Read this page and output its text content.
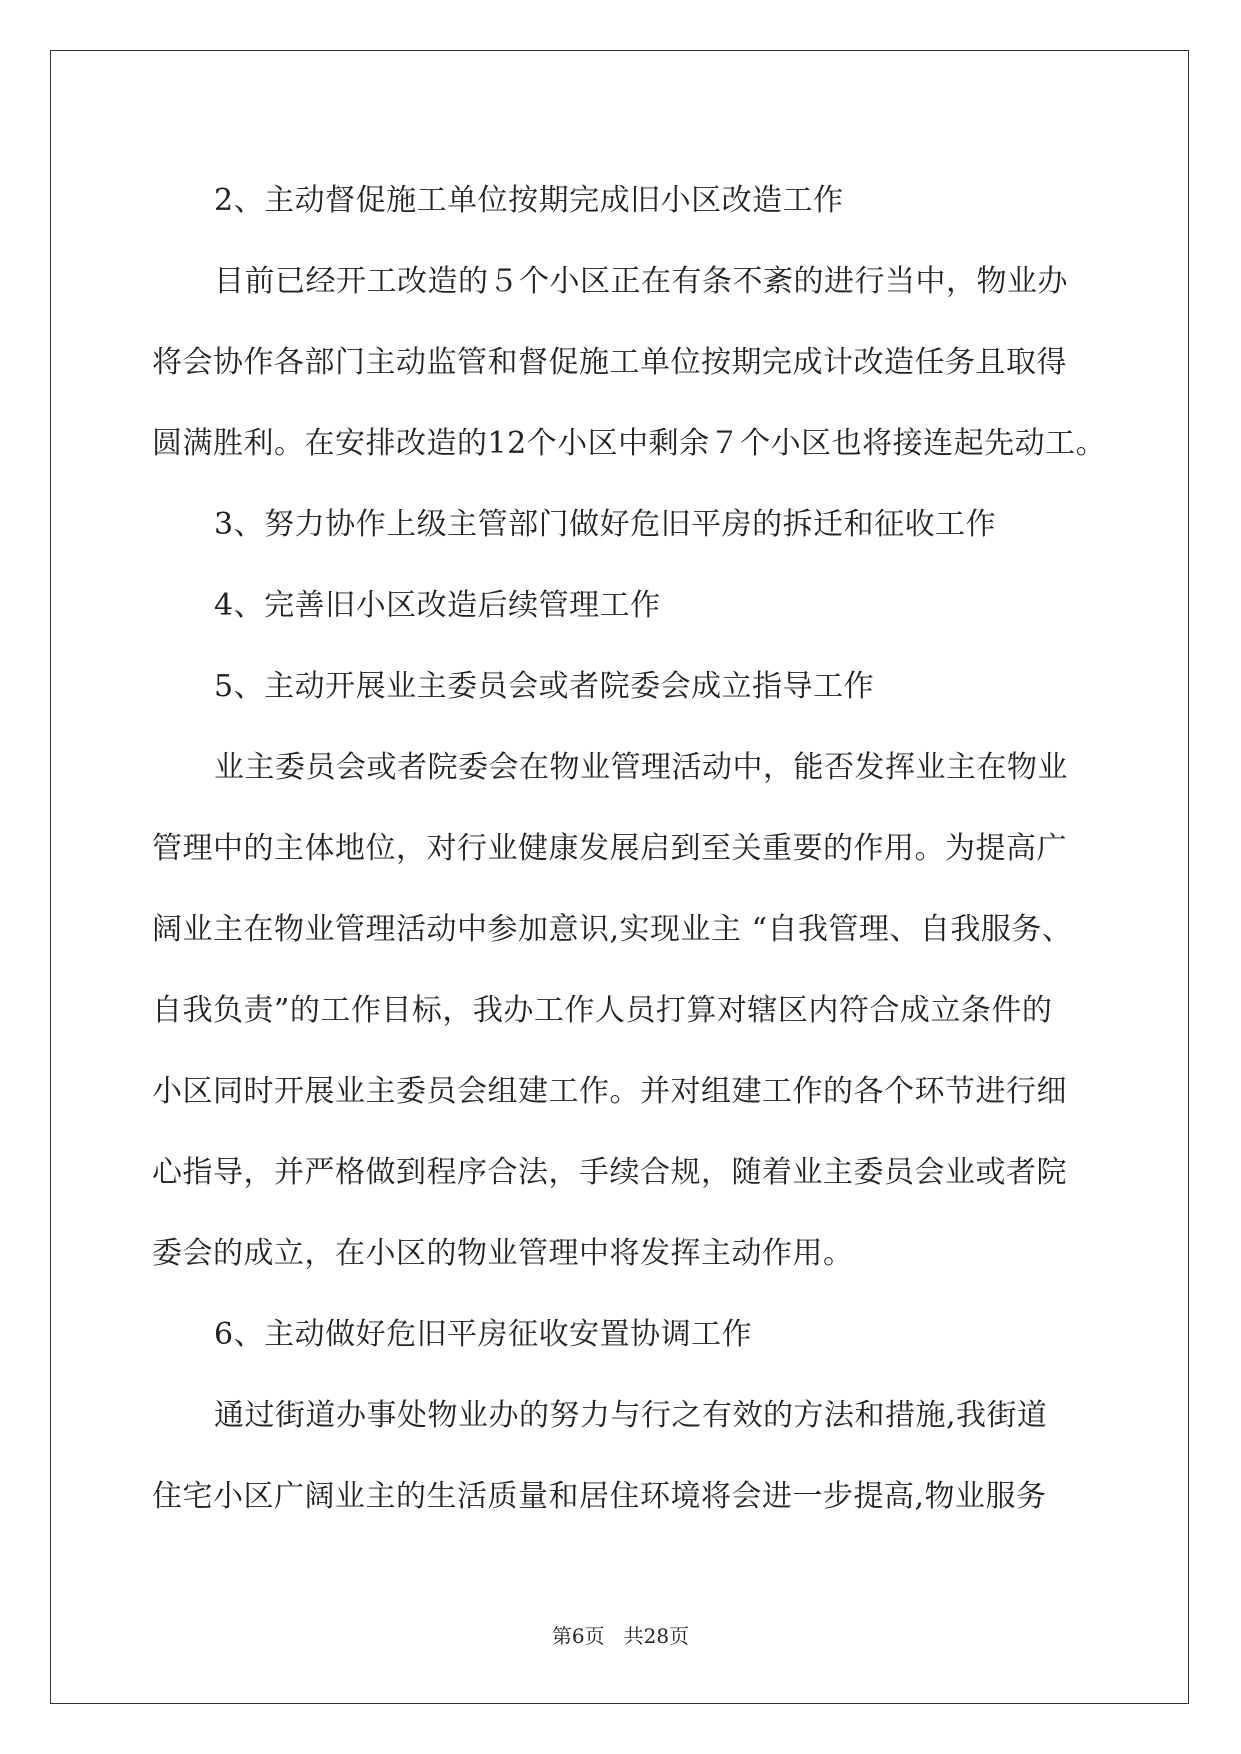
2、主动督促施工单位按期完成旧小区改造工作
目前已经开工改造的５个小区正在有条不紊的进行当中，物业办
将会协作各部门主动监管和督促施工单位按期完成计改造任务且取得
圆满胜利。在安排改造的12个小区中剩余７个小区也将接连起先动工。
3、努力协作上级主管部门做好危旧平房的拆迁和征收工作
4、完善旧小区改造后续管理工作
5、主动开展业主委员会或者院委会成立指导工作
业主委员会或者院委会在物业管理活动中，能否发挥业主在物业
管理中的主体地位，对行业健康发展启到至关重要的作用。为提高广
阔业主在物业管理活动中参加意识,实现业主 “自我管理、自我服务、
自我负责”的工作目标，我办工作人员打算对辖区内符合成立条件的
小区同时开展业主委员会组建工作。并对组建工作的各个环节进行细
心指导，并严格做到程序合法，手续合规，随着业主委员会业或者院
委会的成立，在小区的物业管理中将发挥主动作用。
6、主动做好危旧平房征收安置协调工作
通过街道办事处物业办的努力与行之有效的方法和措施,我街道
住宅小区广阔业主的生活质量和居住环境将会进一步提高,物业服务
第6页   共28页
